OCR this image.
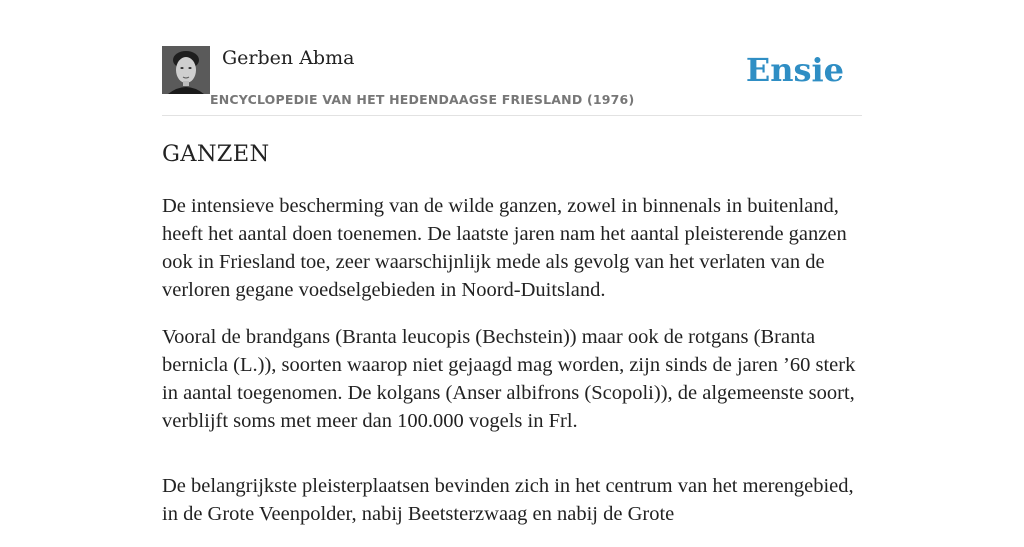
Gerben Abma
ENCYCLOPEDIE VAN HET HEDENDAAGSE FRIESLAND (1976)
Ensie
GANZEN

De intensieve bescherming van de wilde ganzen, zowel in binnenals in buitenland, heeft het aantal doen toenemen. De laatste jaren nam het aantal pleisterende ganzen ook in Friesland toe, zeer waarschijnlijk mede als gevolg van het verlaten van de verloren gegane voedselgebieden in Noord-Duitsland.

Vooral de brandgans (Branta leucopis (Bechstein)) maar ook de rotgans (Branta bernicla (L.)), soorten waarop niet gejaagd mag worden, zijn sinds de jaren ’60 sterk in aantal toegenomen. De kolgans (Anser albifrons (Scopoli)), de algemeenste soort, verblijft soms met meer dan 100.000 vogels in Frl.

De belangrijkste pleisterplaatsen bevinden zich in het centrum van het merengebied, in de Grote Veenpolder, nabij Beetsterzwaag en nabij de Grote
